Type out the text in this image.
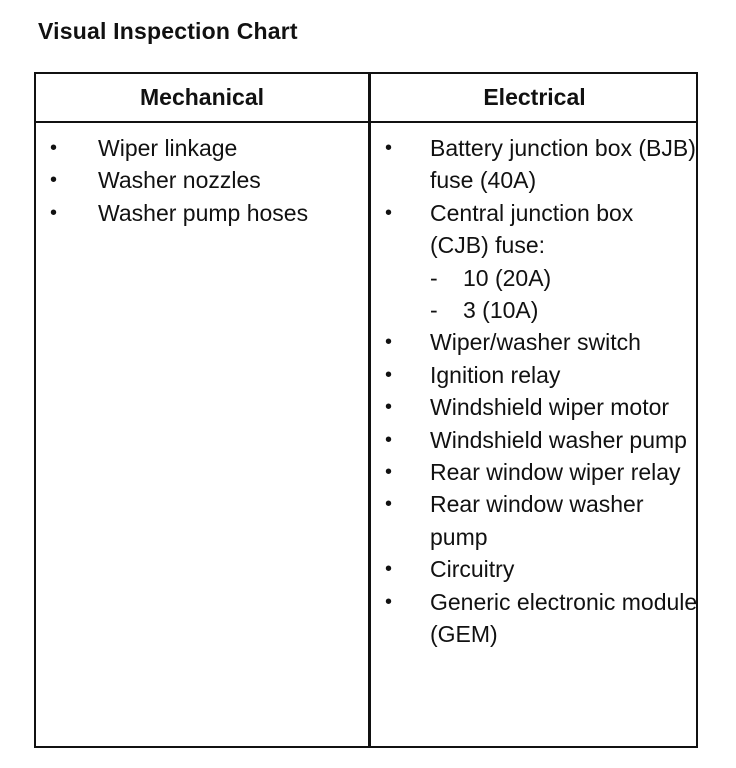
Visual Inspection Chart
Mechanical	Electrical
• Wiper linkage
• Washer nozzles
• Washer pump hoses
• Battery junction box (BJB) fuse (40A)
• Central junction box (CJB) fuse:
- 10 (20A)
- 3 (10A)
• Wiper/washer switch
• Ignition relay
• Windshield wiper motor
• Windshield washer pump
• Rear window wiper relay
• Rear window washer pump
• Circuitry
• Generic electronic module (GEM)
